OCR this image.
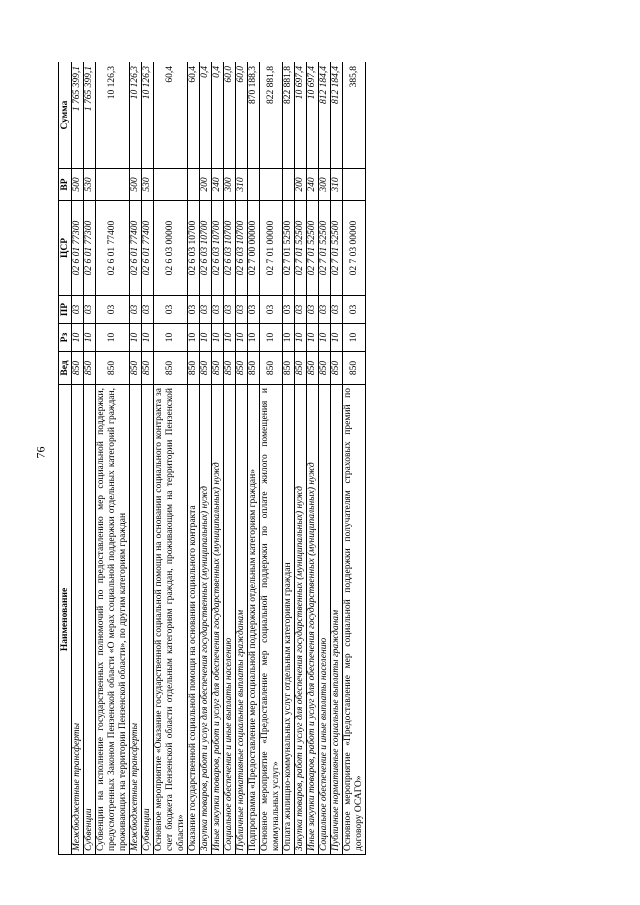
76
Наименование	Вед	Рз	ПР	ЦСР	ВР	Сумма
Межбюджетные трансферты	850	10	03	02 6 01 77300	500	1 765 399,1
Субвенции	850	10	03	02 6 01 77300	530	1 765 399,1
Субвенции на исполнение государственных полномочий по предоставлению мер социальной поддержки, предусмотренных Законом Пензенской области «О мерах социальной поддержки отдельных категорий граждан, проживающих на территории Пензенской области», по другим категориям граждан	850	10	03	02 6 01 77400		10 126,3
Межбюджетные трансферты	850	10	03	02 6 01 77400	500	10 126,3
Субвенции	850	10	03	02 6 01 77400	530	10 126,3
Основное мероприятие «Оказание государственной социальной помощи на основании социального контракта за счет бюджета Пензенской области отдельным категориям граждан, проживающим на территории Пензенской области»	850	10	03	02 6 03 00000		60,4
Оказание государственной социальной помощи на основании социального контракта	850	10	03	02 6 03 10700		60,4
Закупка товаров, работ и услуг для обеспечения государственных (муниципальных) нужд	850	10	03	02 6 03 10700	200	0,4
Иные закупки товаров, работ и услуг для обеспечения государственных (муниципальных) нужд	850	10	03	02 6 03 10700	240	0,4
Социальное обеспечение и иные выплаты населению	850	10	03	02 6 03 10700	300	60,0
Публичные нормативные социальные выплаты гражданам	850	10	03	02 6 03 10700	310	60,0
Подпрограмма «Предоставление мер социальной поддержки отдельным категориям граждан»	850	10	03	02 7 00 00000		870 188,3
Основное мероприятие «Предоставление мер социальной поддержки по оплате жилого помещения и коммунальных услуг»	850	10	03	02 7 01 00000		822 881,8
Оплата жилищно-коммунальных услуг отдельным категориям граждан	850	10	03	02 7 01 52500		822 881,8
Закупка товаров, работ и услуг для обеспечения государственных (муниципальных) нужд	850	10	03	02 7 01 52500	200	10 697,4
Иные закупки товаров, работ и услуг для обеспечения государственных (муниципальных) нужд	850	10	03	02 7 01 52500	240	10 697,4
Социальное обеспечение и иные выплаты населению	850	10	03	02 7 01 52500	300	812 184,4
Публичные нормативные социальные выплаты гражданам	850	10	03	02 7 01 52500	310	812 184,4
Основное мероприятие «Предоставление мер социальной поддержки получателям страховых премий по договору ОСАГО»	850	10	03	02 7 03 00000		385,8
